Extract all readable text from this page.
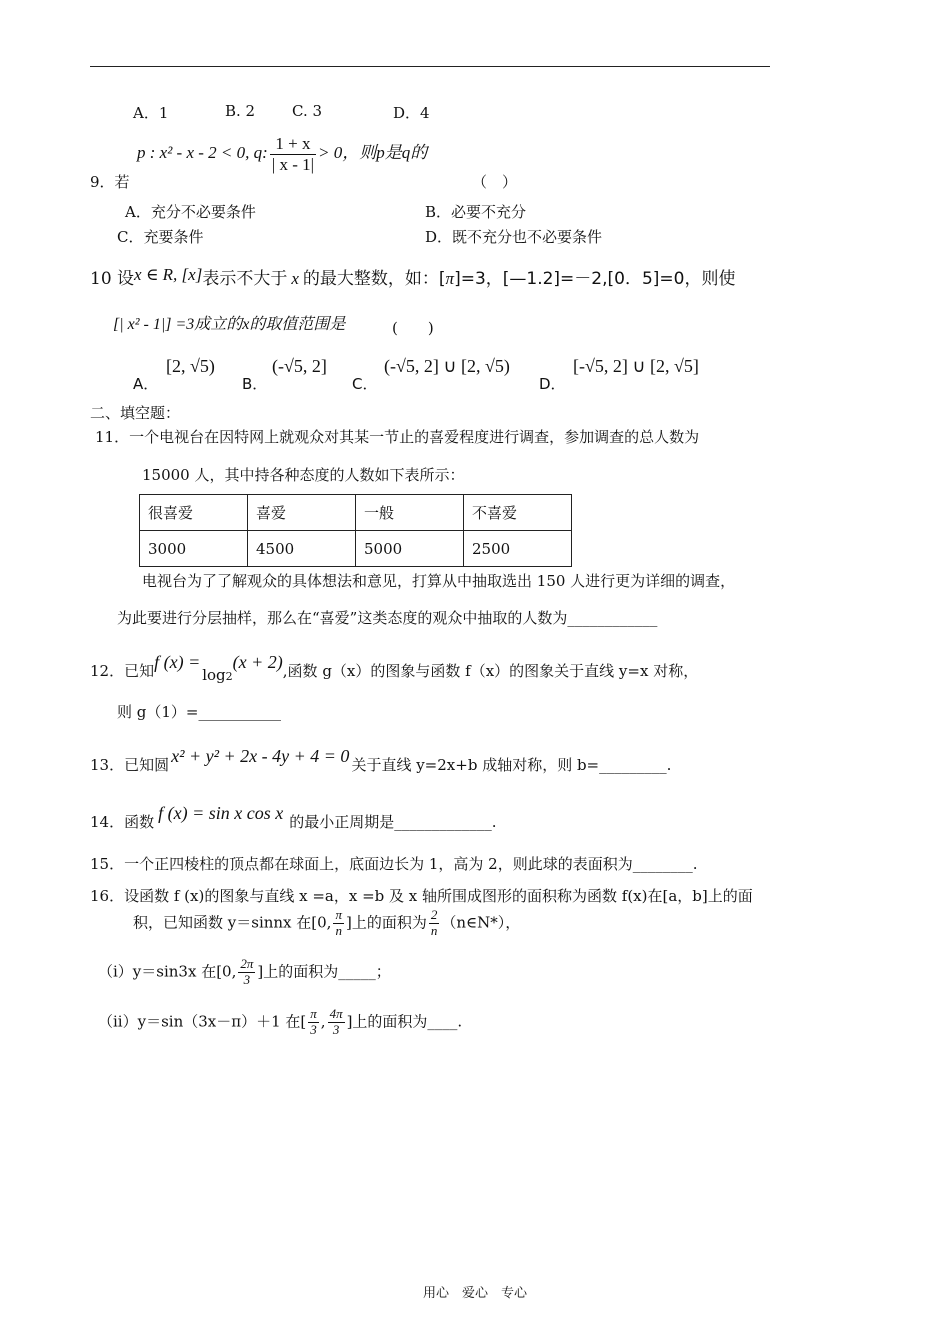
A．1	B. 2 C. 3	D．4
p : x² - x - 2 < 0, q: $\frac{1 + x}{| x - 1|} > 0$，则p是q的
9．若	（　）
A．充分不必要条件	B．必要不充分
C．充要条件	D．既不充分也不必要条件
10 设x ∈ R, [x]表示不大于 x 的最大整数，如：[π]=3，[—1.2]=－2,[0．5]=0，则使
[| x² - 1|] =3成立的x的取值范围是	(　　)
A．
[2, √5)
B．
(-√5, 2]
C．
(-√5, 2] ∪ [2, √5)
D．
[-√5, 2] ∪ [2, √5]
二、填空题：
11．一个电视台在因特网上就观众对其某一节止的喜爱程度进行调查，参加调查的总人数为
15000 人，其中持各种态度的人数如下表所示：
很喜爱	喜爱	一般	不喜爱
3000	4500	5000	2500
电视台为了了解观众的具体想法和意见，打算从中抽取选出 150 人进行更为详细的调查，
为此要进行分层抽样，那么在“喜爱”这类态度的观众中抽取的人数为____________
12．已知f $(x) =\log_2(x + 2)$,函数 g（x）的图象与函数 f（x）的图象关于直线 y=x 对称，
则 g（1）=___________
13．已知圆 x² + y² + 2x - 4y + 4 = 0 关于直线 y=2x+b 成轴对称，则 b=_________.
14．函数 f (x) = sin x cos x 的最小正周期是_____________.
15．一个正四棱柱的顶点都在球面上，底面边长为 1，高为 2，则此球的表面积为________.
16．设函数 f (x)的图象与直线 x =a，x =b 及 x 轴所围成图形的面积称为函数 f(x)在[a，b]上的面
积，已知函数 y＝sinnx 在[0, $\frac{\pi}{n}$ ]上的面积为 $\frac{2}{n}$ （n∈N*），
（i）y＝sin3x 在[0, $\frac{2\pi}{3}$ ]上的面积为_____；
（ii）y＝sin（3x－π）＋1 在[ $\frac{\pi}{3}$ , $\frac{4\pi}{3}$ ]上的面积为____.
用心　爱心　专心
